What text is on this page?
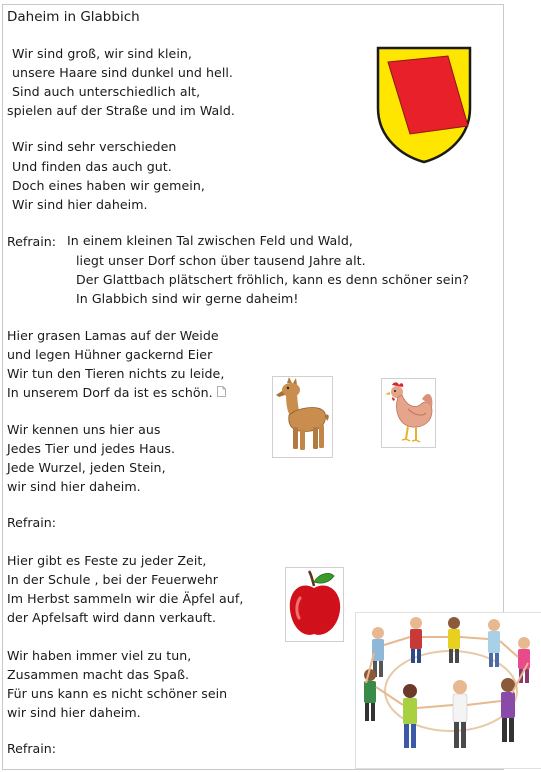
Daheim in Glabbich
Wir sind groß, wir sind klein,
unsere Haare sind dunkel und hell.
Sind auch unterschiedlich alt,
spielen auf der Straße und im Wald.
Wir sind sehr verschieden
Und finden das auch gut.
Doch eines haben wir gemein,
Wir sind hier daheim.
Refrain: In einem kleinen Tal zwischen Feld und Wald,
liegt unser Dorf schon über tausend Jahre alt.
Der Glattbach plätschert fröhlich, kann es denn schöner sein?
In Glabbich sind wir gerne daheim!
Hier grasen Lamas auf der Weide
und legen Hühner gackernd Eier
Wir tun den Tieren nichts zu leide,
In unserem Dorf da ist es schön.
Wir kennen uns hier aus
Jedes Tier und jedes Haus.
Jede Wurzel, jeden Stein,
wir sind hier daheim.
Refrain:
Hier gibt es Feste zu jeder Zeit,
In der Schule , bei der Feuerwehr
Im Herbst sammeln wir die Äpfel auf,
der Apfelsaft wird dann verkauft.
Wir haben immer viel zu tun,
Zusammen macht das Spaß.
Für uns kann es nicht schöner sein
wir sind hier daheim.
Refrain:
